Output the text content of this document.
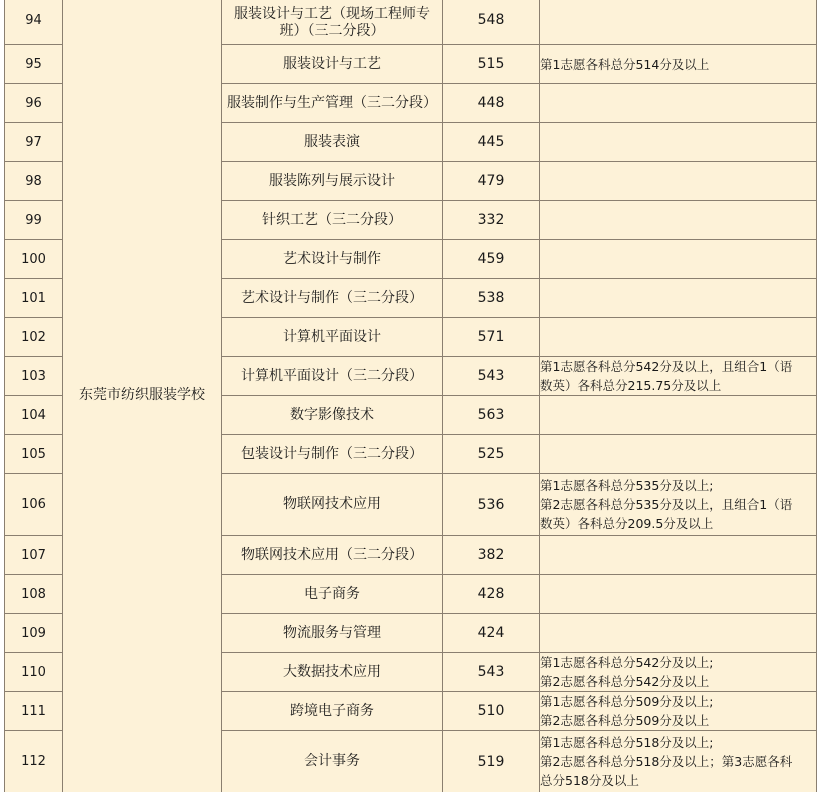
94	东莞市纺织服装学校	服装设计与工艺（现场工程师专班）（三二分段）	548	
95		服装设计与工艺	515	第1志愿各科总分514分及以上

96		服装制作与生产管理（三二分段）	448	
97		服装表演	445	
98		服装陈列与展示设计	479	
99		针织工艺（三二分段）	332	
100		艺术设计与制作	459	
101		艺术设计与制作（三二分段）	538	
102		计算机平面设计	571	
103		计算机平面设计（三二分段）	543	第1志愿各科总分542分及以上，且组合1（语
数英）各科总分215.75分及以上

104		数字影像技术	563	
105		包装设计与制作（三二分段）	525	
106		物联网技术应用	536	第1志愿各科总分535分及以上;
第2志愿各科总分535分及以上，且组合1（语
数英）各科总分209.5分及以上

107		物联网技术应用（三二分段）	382	
108		电子商务	428	
109		物流服务与管理	424	
110		大数据技术应用	543	第1志愿各科总分542分及以上;
第2志愿各科总分542分及以上

111		跨境电子商务	510	第1志愿各科总分509分及以上;
第2志愿各科总分509分及以上

112		会计事务	519	第1志愿各科总分518分及以上;
第2志愿各科总分518分及以上；第3志愿各科
总分518分及以上
